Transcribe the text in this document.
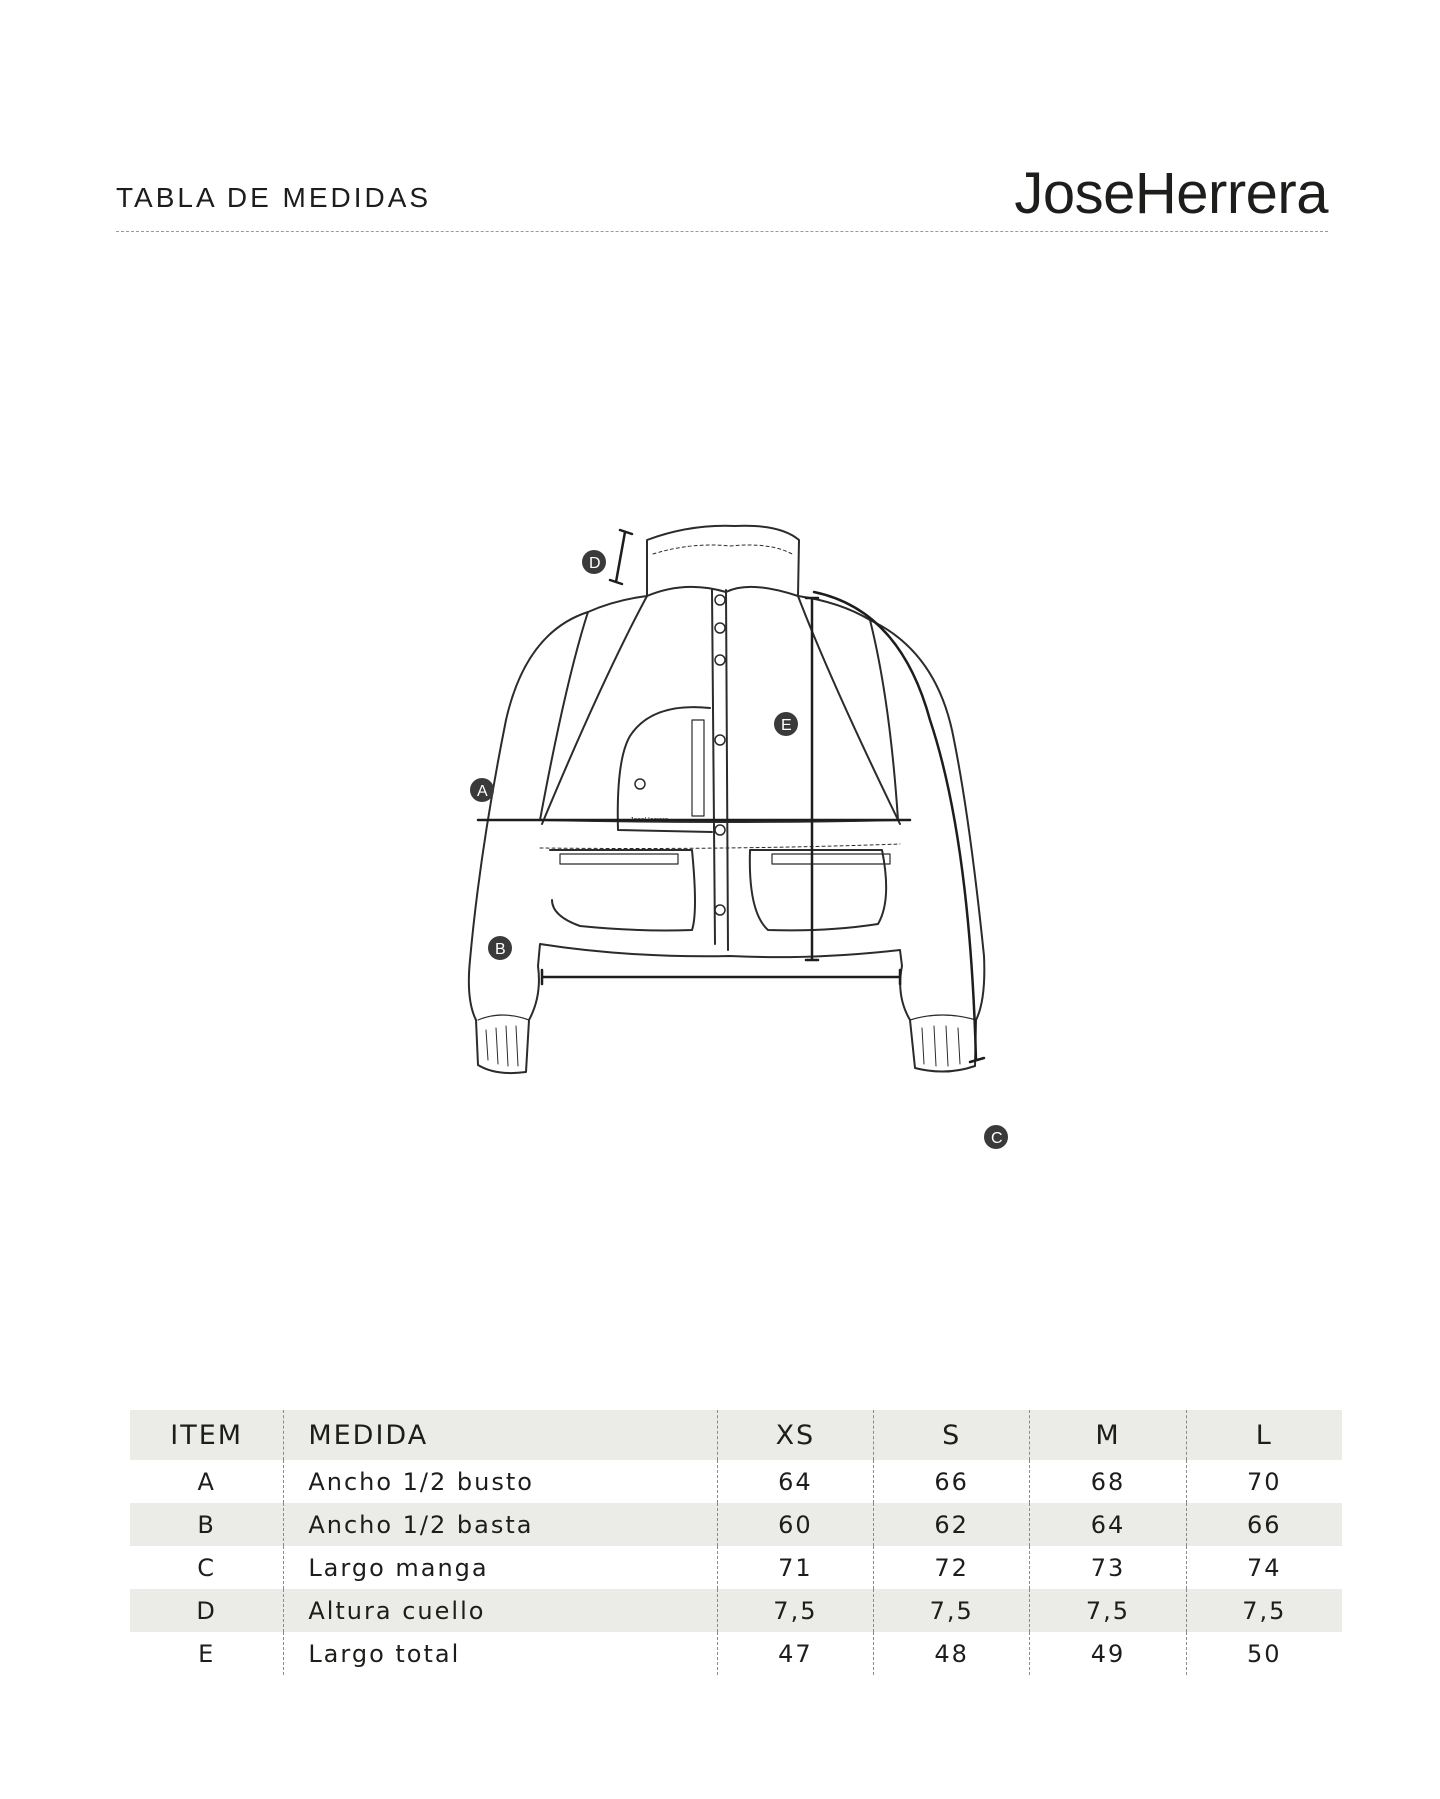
TABLA DE MEDIDAS	JoseHerrera
JoseHerrera
A
B
C
D
E
ITEM	MEDIDA	XS	S	M	L
A	Ancho 1/2 busto	64	66	68	70
B	Ancho 1/2 basta	60	62	64	66
C	Largo manga	71	72	73	74
D	Altura cuello	7,5	7,5	7,5	7,5
E	Largo total	47	48	49	50
